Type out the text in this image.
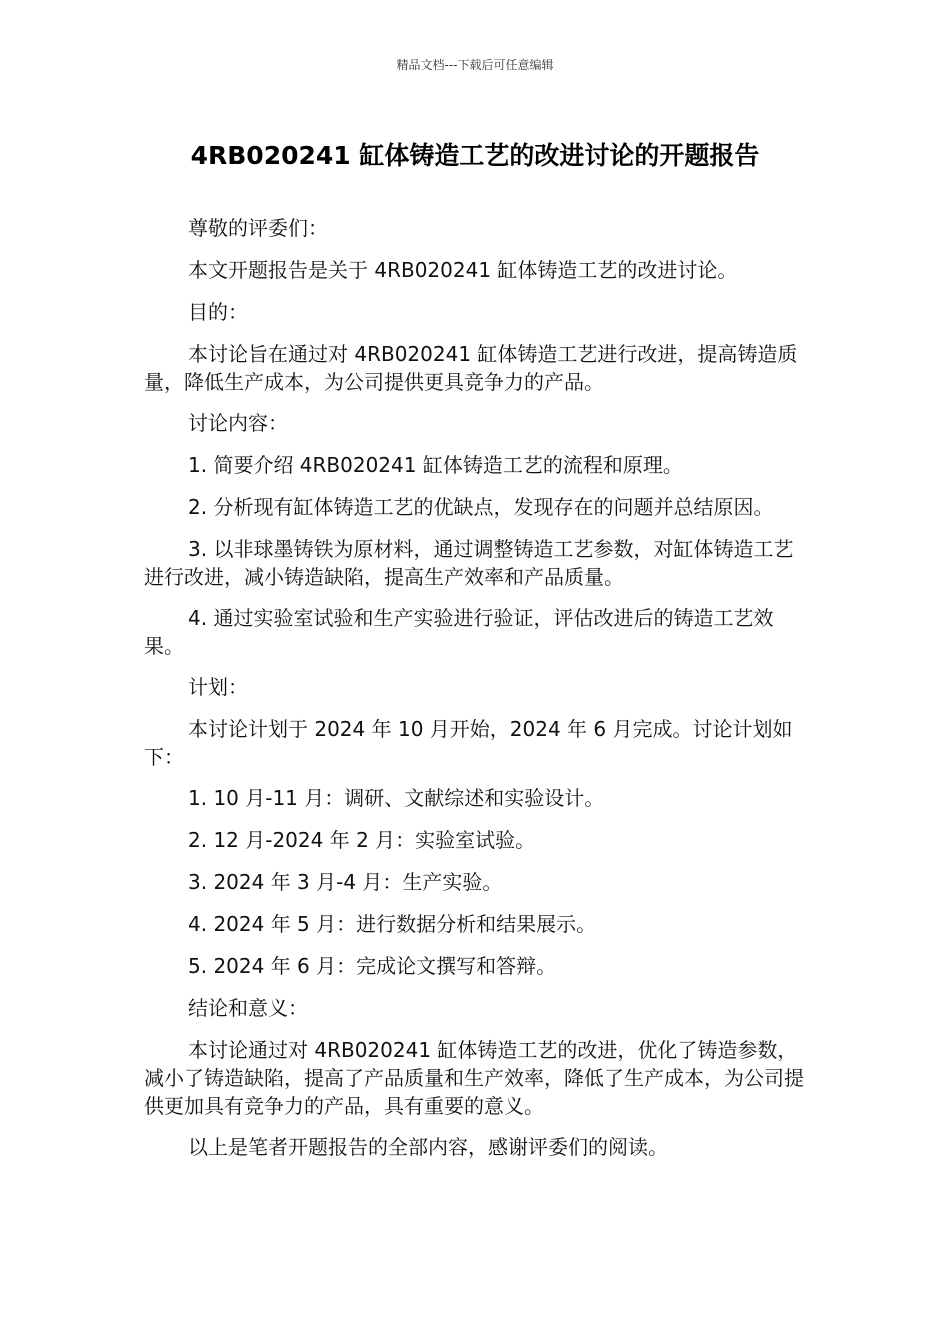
精品文档---下载后可任意编辑
4RB020241 缸体铸造工艺的改进讨论的开题报告

尊敬的评委们：

本文开题报告是关于 4RB020241 缸体铸造工艺的改进讨论。

目的：

本讨论旨在通过对 4RB020241 缸体铸造工艺进行改进，提高铸造质量，降低生产成本，为公司提供更具竞争力的产品。

讨论内容：

1. 简要介绍 4RB020241 缸体铸造工艺的流程和原理。

2. 分析现有缸体铸造工艺的优缺点，发现存在的问题并总结原因。

3. 以非球墨铸铁为原材料，通过调整铸造工艺参数，对缸体铸造工艺进行改进，减小铸造缺陷，提高生产效率和产品质量。

4. 通过实验室试验和生产实验进行验证，评估改进后的铸造工艺效果。

计划：

本讨论计划于 2024 年 10 月开始，2024 年 6 月完成。讨论计划如下：

1. 10 月-11 月：调研、文献综述和实验设计。

2. 12 月-2024 年 2 月：实验室试验。

3. 2024 年 3 月-4 月：生产实验。

4. 2024 年 5 月：进行数据分析和结果展示。

5. 2024 年 6 月：完成论文撰写和答辩。

结论和意义：

本讨论通过对 4RB020241 缸体铸造工艺的改进，优化了铸造参数，减小了铸造缺陷，提高了产品质量和生产效率，降低了生产成本，为公司提供更加具有竞争力的产品，具有重要的意义。

以上是笔者开题报告的全部内容，感谢评委们的阅读。
